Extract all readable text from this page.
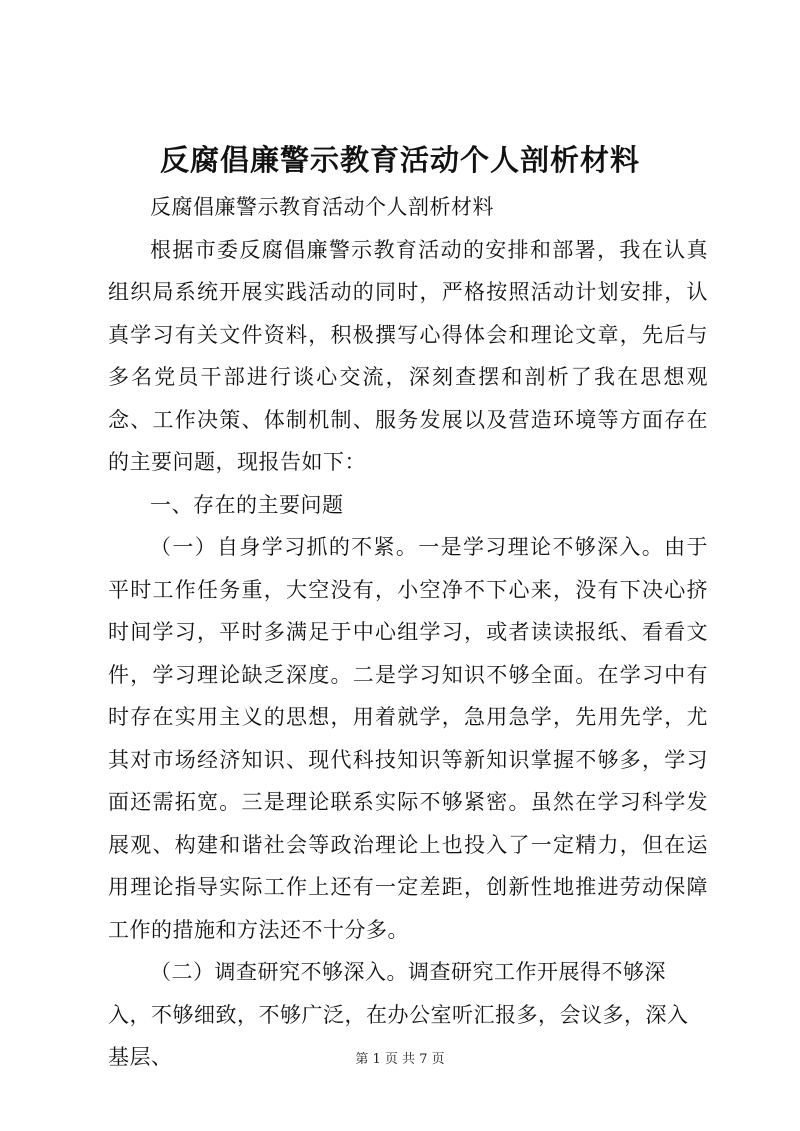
反腐倡廉警示教育活动个人剖析材料

反腐倡廉警示教育活动个人剖析材料

根据市委反腐倡廉警示教育活动的安排和部署，我在认真组织局系统开展实践活动的同时，严格按照活动计划安排，认真学习有关文件资料，积极撰写心得体会和理论文章，先后与多名党员干部进行谈心交流，深刻查摆和剖析了我在思想观念、工作决策、体制机制、服务发展以及营造环境等方面存在的主要问题，现报告如下：

一、存在的主要问题

（一）自身学习抓的不紧。一是学习理论不够深入。由于平时工作任务重，大空没有，小空净不下心来，没有下决心挤时间学习，平时多满足于中心组学习，或者读读报纸、看看文件，学习理论缺乏深度。二是学习知识不够全面。在学习中有时存在实用主义的思想，用着就学，急用急学，先用先学，尤其对市场经济知识、现代科技知识等新知识掌握不够多，学习面还需拓宽。三是理论联系实际不够紧密。虽然在学习科学发展观、构建和谐社会等政治理论上也投入了一定精力，但在运用理论指导实际工作上还有一定差距，创新性地推进劳动保障工作的措施和方法还不十分多。

（二）调查研究不够深入。调查研究工作开展得不够深入，不够细致，不够广泛，在办公室听汇报多，会议多，深入基层、	第 1 页 共 7 页
